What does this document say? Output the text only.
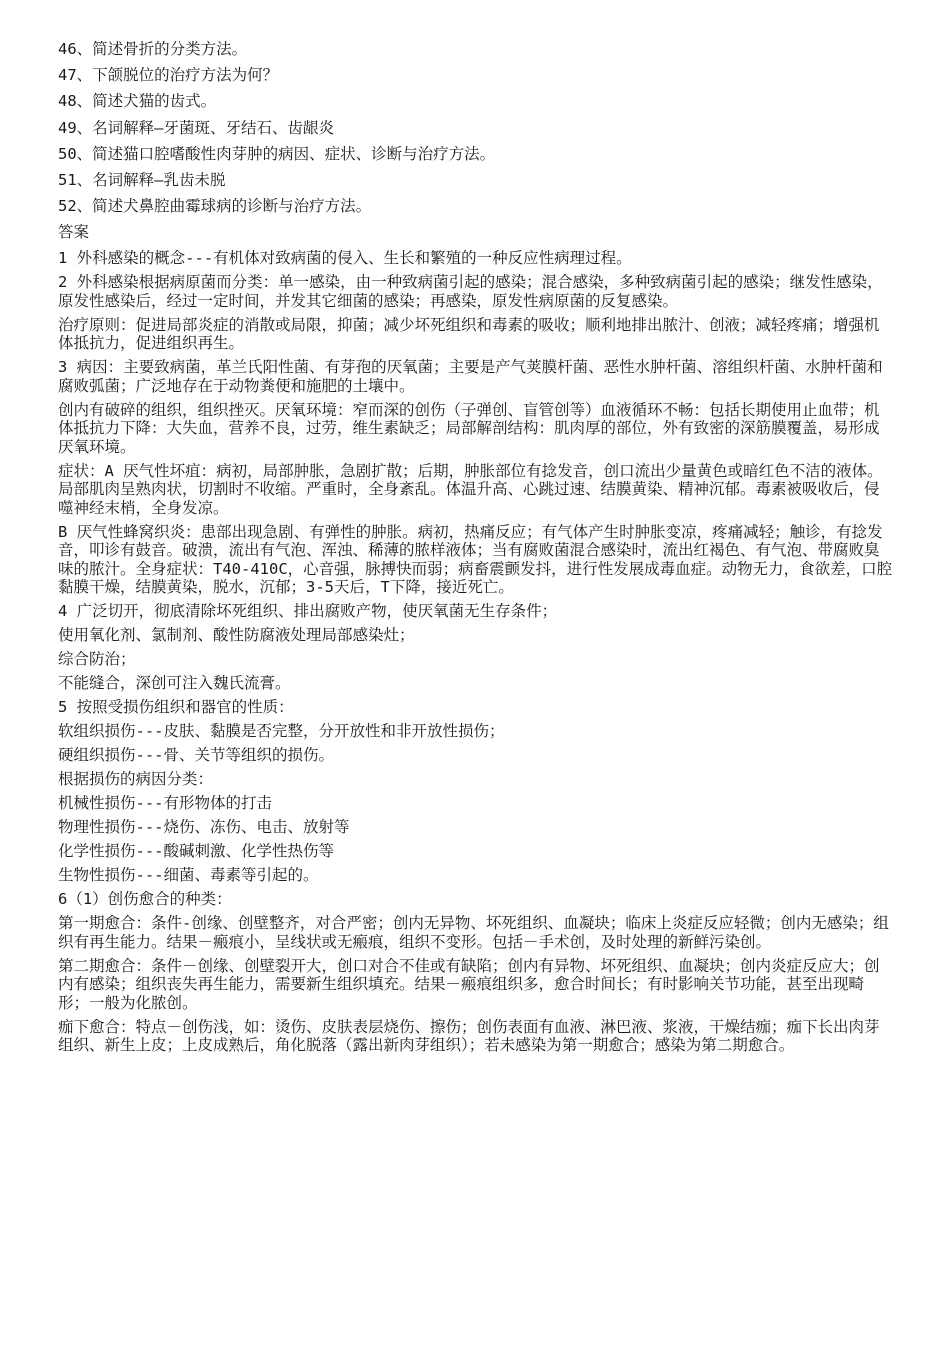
46、简述骨折的分类方法。
47、下颌脱位的治疗方法为何？
48、简述犬猫的齿式。
49、名词解释—牙菌斑、牙结石、齿龈炎
50、简述猫口腔嗜酸性肉芽肿的病因、症状、诊断与治疗方法。
51、名词解释—乳齿未脱
52、简述犬鼻腔曲霉球病的诊断与治疗方法。
答案
1 外科感染的概念---有机体对致病菌的侵入、生长和繁殖的一种反应性病理过程。
2 外科感染根据病原菌而分类：单一感染，由一种致病菌引起的感染；混合感染，多种致病菌引起的感染；继发性感染，原发性感染后，经过一定时间，并发其它细菌的感染；再感染，原发性病原菌的反复感染。
治疗原则：促进局部炎症的消散或局限，抑菌；减少坏死组织和毒素的吸收；顺利地排出脓汁、创液；减轻疼痛；增强机体抵抗力，促进组织再生。
3 病因：主要致病菌，革兰氏阳性菌、有芽孢的厌氧菌；主要是产气荚膜杆菌、恶性水肿杆菌、溶组织杆菌、水肿杆菌和腐败弧菌；广泛地存在于动物粪便和施肥的土壤中。
创内有破碎的组织，组织挫灭。厌氧环境：窄而深的创伤（子弹创、盲管创等）血液循环不畅：包括长期使用止血带；机体抵抗力下降：大失血，营养不良，过劳，维生素缺乏；局部解剖结构：肌肉厚的部位，外有致密的深筋膜覆盖，易形成厌氧环境。
症状：A 厌气性坏疽：病初，局部肿胀，急剧扩散；后期，肿胀部位有捻发音，创口流出少量黄色或暗红色不洁的液体。局部肌肉呈熟肉状，切割时不收缩。严重时，全身紊乱。体温升高、心跳过速、结膜黄染、精神沉郁。毒素被吸收后，侵噬神经末梢，全身发凉。
B 厌气性蜂窝织炎：患部出现急剧、有弹性的肿胀。病初，热痛反应；有气体产生时肿胀变凉，疼痛减轻；触诊，有捻发音，叩诊有鼓音。破溃，流出有气泡、浑浊、稀薄的脓样液体；当有腐败菌混合感染时，流出红褐色、有气泡、带腐败臭味的脓汁。全身症状：T40-410C，心音强，脉搏快而弱；病畜震颤发抖，进行性发展成毒血症。动物无力，食欲差，口腔黏膜干燥，结膜黄染，脱水，沉郁；3-5天后，T下降，接近死亡。
4 广泛切开，彻底清除坏死组织、排出腐败产物，使厌氧菌无生存条件；
使用氧化剂、氯制剂、酸性防腐液处理局部感染灶；
综合防治；
不能缝合，深创可注入魏氏流膏。
5 按照受损伤组织和器官的性质：
软组织损伤---皮肤、黏膜是否完整，分开放性和非开放性损伤；
硬组织损伤---骨、关节等组织的损伤。
根据损伤的病因分类：
机械性损伤---有形物体的打击
物理性损伤---烧伤、冻伤、电击、放射等
化学性损伤---酸碱刺激、化学性热伤等
生物性损伤---细菌、毒素等引起的。
6（1）创伤愈合的种类：
第一期愈合：条件-创缘、创壁整齐，对合严密；创内无异物、坏死组织、血凝块；临床上炎症反应轻微；创内无感染；组织有再生能力。结果－瘢痕小，呈线状或无瘢痕，组织不变形。包括－手术创，及时处理的新鲜污染创。
第二期愈合：条件－创缘、创壁裂开大，创口对合不佳或有缺陷；创内有异物、坏死组织、血凝块；创内炎症反应大；创内有感染；组织丧失再生能力，需要新生组织填充。结果－瘢痕组织多，愈合时间长；有时影响关节功能，甚至出现畸形；一般为化脓创。
痂下愈合：特点－创伤浅，如：烫伤、皮肤表层烧伤、擦伤；创伤表面有血液、淋巴液、浆液，干燥结痂；痂下长出肉芽组织、新生上皮；上皮成熟后，角化脱落（露出新肉芽组织）；若未感染为第一期愈合；感染为第二期愈合。
